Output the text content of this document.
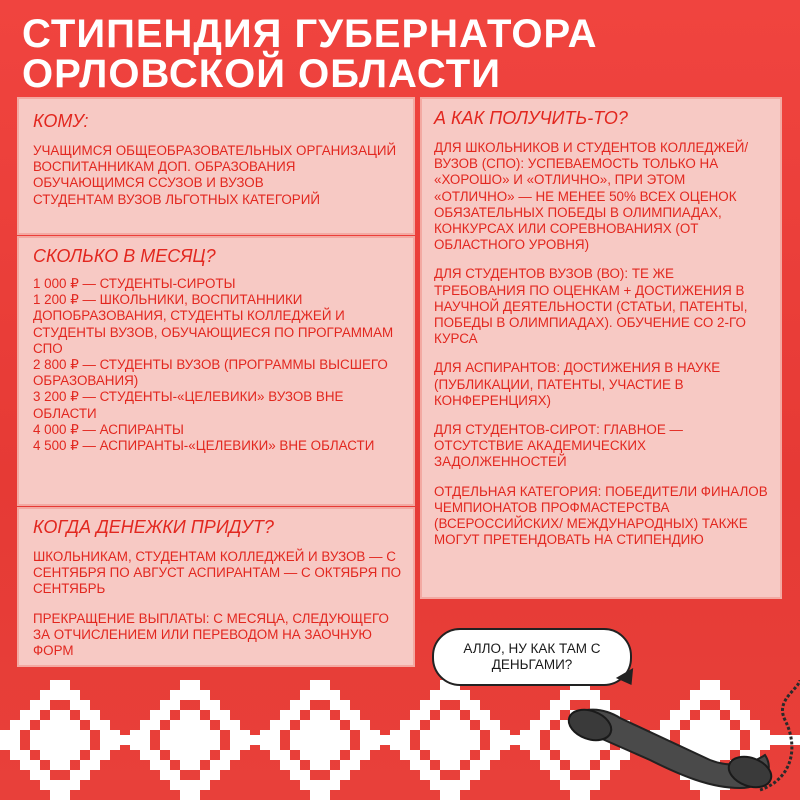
СТИПЕНДИЯ ГУБЕРНАТОРА
ОРЛОВСКОЙ ОБЛАСТИ
КОМУ:

УЧАЩИМСЯ ОБЩЕОБРАЗОВАТЕЛЬНЫХ ОРГАНИЗАЦИЙ

ВОСПИТАННИКАМ ДОП. ОБРАЗОВАНИЯ

ОБУЧАЮЩИМСЯ ССУЗОВ И ВУЗОВ

СТУДЕНТАМ ВУЗОВ ЛЬГОТНЫХ КАТЕГОРИЙ

СКОЛЬКО В МЕСЯЦ?

1 000 ₽ — СТУДЕНТЫ-СИРОТЫ

1 200 ₽ — ШКОЛЬНИКИ, ВОСПИТАННИКИ ДОПОБРАЗОВАНИЯ, СТУДЕНТЫ КОЛЛЕДЖЕЙ И СТУДЕНТЫ ВУЗОВ, ОБУЧАЮЩИЕСЯ ПО ПРОГРАММАМ СПО

2 800 ₽ — СТУДЕНТЫ ВУЗОВ (ПРОГРАММЫ ВЫСШЕГО ОБРАЗОВАНИЯ)

3 200 ₽ — СТУДЕНТЫ-«ЦЕЛЕВИКИ» ВУЗОВ ВНЕ ОБЛАСТИ

4 000 ₽ — АСПИРАНТЫ

4 500 ₽ — АСПИРАНТЫ-«ЦЕЛЕВИКИ» ВНЕ ОБЛАСТИ

КОГДА ДЕНЕЖКИ ПРИДУТ?

ШКОЛЬНИКАМ, СТУДЕНТАМ КОЛЛЕДЖЕЙ И ВУЗОВ — С СЕНТЯБРЯ ПО АВГУСТ АСПИРАНТАМ — С ОКТЯБРЯ ПО СЕНТЯБРЬ

ПРЕКРАЩЕНИЕ ВЫПЛАТЫ: С МЕСЯЦА, СЛЕДУЮЩЕГО ЗА ОТЧИСЛЕНИЕМ ИЛИ ПЕРЕВОДОМ НА ЗАОЧНУЮ ФОРМ

А КАК ПОЛУЧИТЬ-ТО?

ДЛЯ ШКОЛЬНИКОВ И СТУДЕНТОВ КОЛЛЕДЖЕЙ/ВУЗОВ (СПО): УСПЕВАЕМОСТЬ ТОЛЬКО НА «ХОРОШО» И «ОТЛИЧНО», ПРИ ЭТОМ «ОТЛИЧНО» — НЕ МЕНЕЕ 50% ВСЕХ ОЦЕНОК ОБЯЗАТЕЛЬНЫХ ПОБЕДЫ В ОЛИМПИАДАХ, КОНКУРСАХ ИЛИ СОРЕВНОВАНИЯХ (ОТ ОБЛАСТНОГО УРОВНЯ)

ДЛЯ СТУДЕНТОВ ВУЗОВ (ВО): ТЕ ЖЕ ТРЕБОВАНИЯ ПО ОЦЕНКАМ + ДОСТИЖЕНИЯ В НАУЧНОЙ ДЕЯТЕЛЬНОСТИ (СТАТЬИ, ПАТЕНТЫ, ПОБЕДЫ В ОЛИМПИАДАХ). ОБУЧЕНИЕ СО 2-ГО КУРСА

ДЛЯ АСПИРАНТОВ: ДОСТИЖЕНИЯ В НАУКЕ (ПУБЛИКАЦИИ, ПАТЕНТЫ, УЧАСТИЕ В КОНФЕРЕНЦИЯХ)

ДЛЯ СТУДЕНТОВ-СИРОТ: ГЛАВНОЕ — ОТСУТСТВИЕ АКАДЕМИЧЕСКИХ ЗАДОЛЖЕННОСТЕЙ

ОТДЕЛЬНАЯ КАТЕГОРИЯ: ПОБЕДИТЕЛИ ФИНАЛОВ ЧЕМПИОНАТОВ ПРОФМАСТЕРСТВА (ВСЕРОССИЙСКИХ/ МЕЖДУНАРОДНЫХ) ТАКЖЕ МОГУТ ПРЕТЕНДОВАТЬ НА СТИПЕНДИЮ

АЛЛО, НУ КАК ТАМ С ДЕНЬГАМИ?
